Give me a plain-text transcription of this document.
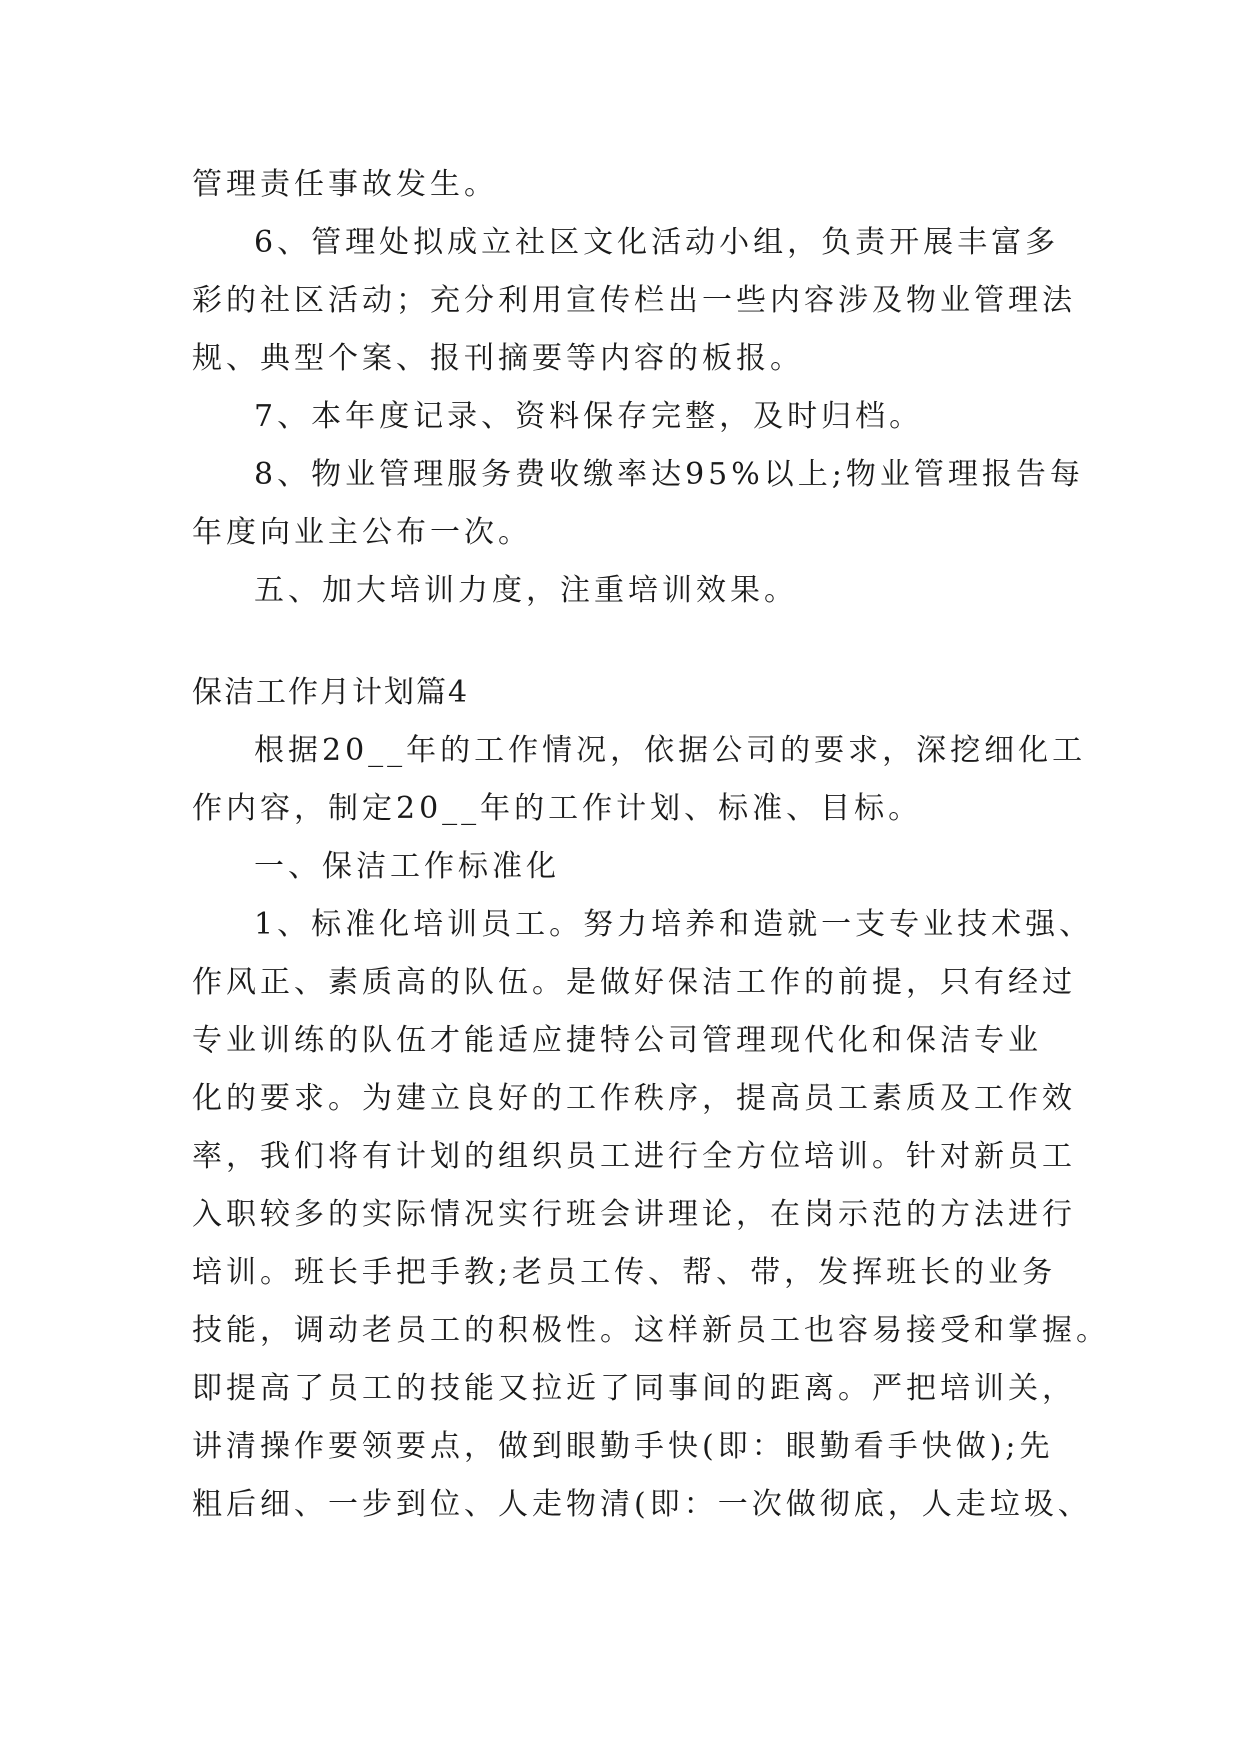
管理责任事故发生。
6、管理处拟成立社区文化活动小组，负责开展丰富多
彩的社区活动；充分利用宣传栏出一些内容涉及物业管理法
规、典型个案、报刊摘要等内容的板报。
7、本年度记录、资料保存完整，及时归档。
8、物业管理服务费收缴率达95%以上;物业管理报告每
年度向业主公布一次。
五、加大培训力度，注重培训效果。
保洁工作月计划篇4
根据20__年的工作情况，依据公司的要求，深挖细化工
作内容，制定20__年的工作计划、标准、目标。
一、保洁工作标准化
1、标准化培训员工。努力培养和造就一支专业技术强、
作风正、素质高的队伍。是做好保洁工作的前提，只有经过
专业训练的队伍才能适应捷特公司管理现代化和保洁专业
化的要求。为建立良好的工作秩序，提高员工素质及工作效
率，我们将有计划的组织员工进行全方位培训。针对新员工
入职较多的实际情况实行班会讲理论，在岗示范的方法进行
培训。班长手把手教;老员工传、帮、带，发挥班长的业务
技能，调动老员工的积极性。这样新员工也容易接受和掌握。
即提高了员工的技能又拉近了同事间的距离。严把培训关，
讲清操作要领要点，做到眼勤手快(即：眼勤看手快做);先
粗后细、一步到位、人走物清(即：一次做彻底，人走垃圾、
